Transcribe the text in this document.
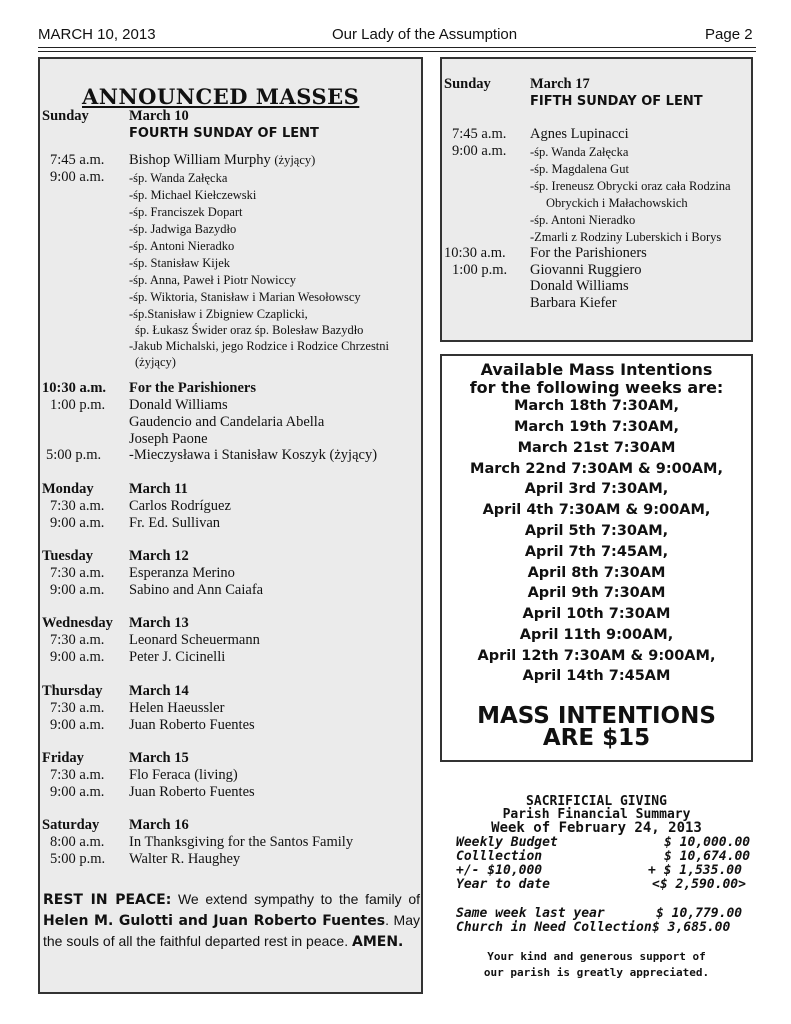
MARCH 10, 2013	Our Lady of the Assumption	Page 2
ANNOUNCED MASSES
Sunday	March 10
FOURTH SUNDAY OF LENT
7:45 a.m. Bishop William Murphy (żyjący)
9:00 a.m. -śp. Wanda Załęcka
-śp. Michael Kiełczewski
-śp. Franciszek Dopart
-śp. Jadwiga Bazydło
-śp. Antoni Nieradko
-śp. Stanisław Kijek
-śp. Anna, Paweł i Piotr Nowiccy
-śp. Wiktoria, Stanisław i Marian Wesołowscy
-śp.Stanisław i Zbigniew Czaplicki,
śp. Łukasz Świder oraz śp. Bolesław Bazydło
-Jakub Michalski, jego Rodzice i Rodzice Chrzestni
(żyjący)
10:30 a.m. For the Parishioners
1:00 p.m. Donald Williams
Gaudencio and Candelaria Abella
Joseph Paone
5:00 p.m. -Mieczysławа i Stanisław Koszyk (żyjący)
Monday March 11
7:30 a.m. Carlos Rodríguez
9:00 a.m. Fr. Ed. Sullivan
Tuesday March 12
7:30 a.m. Esperanza Merino
9:00 a.m. Sabino and Ann Caiafa
Wednesday March 13
7:30 a.m. Leonard Scheuermann
9:00 a.m. Peter J. Cicinelli
Thursday March 14
7:30 a.m. Helen Haeussler
9:00 a.m. Juan Roberto Fuentes
Friday	March 15
7:30 a.m. Flo Feraca (living)
9:00 a.m. Juan Roberto Fuentes
Saturday March 16
8:00 a.m. In Thanksgiving for the Santos Family
5:00 p.m. Walter R. Haughey
REST IN PEACE: We extend sympathy to the family of Helen M. Gulotti and Juan Roberto Fuentes. May the souls of all the faithful departed rest in peace. AMEN.
Sunday	March 17
FIFTH SUNDAY OF LENT
7:45 a.m. Agnes Lupinacci
9:00 a.m. -śp. Wanda Załęcka
-śp. Magdalena Gut
-śp. Ireneusz Obrycki oraz cała Rodzina
Obryckich i Małachowskich
-śp. Antoni Nieradko
-Zmarli z Rodziny Luberskich i Borys
10:30 a.m. For the Parishioners
1:00 p.m. Giovanni Ruggiero
Donald Williams
Barbara Kiefer
Available Mass Intentions
for the following weeks are:
March 18th 7:30AM,
March 19th 7:30AM,
March 21st 7:30AM
March 22nd 7:30AM & 9:00AM,
April 3rd 7:30AM,
April 4th 7:30AM & 9:00AM,
April 5th 7:30AM,
April 7th 7:45AM,
April 8th 7:30AM
April 9th 7:30AM
April 10th 7:30AM
April 11th 9:00AM,
April 12th 7:30AM & 9:00AM,
April 14th 7:45AM
MASS INTENTIONS
ARE $15
SACRIFICIAL GIVING
Parish Financial Summary
Week of February 24, 2013
Weekly Budget	$ 10,000.00
Colllection	$ 10,674.00
+/- $10,000	+ $ 1,535.00
Year to date	<$ 2,590.00>
Same week last year	$ 10,779.00
Church in Need Collection $ 3,685.00
Your kind and generous support of
our parish is greatly appreciated.
